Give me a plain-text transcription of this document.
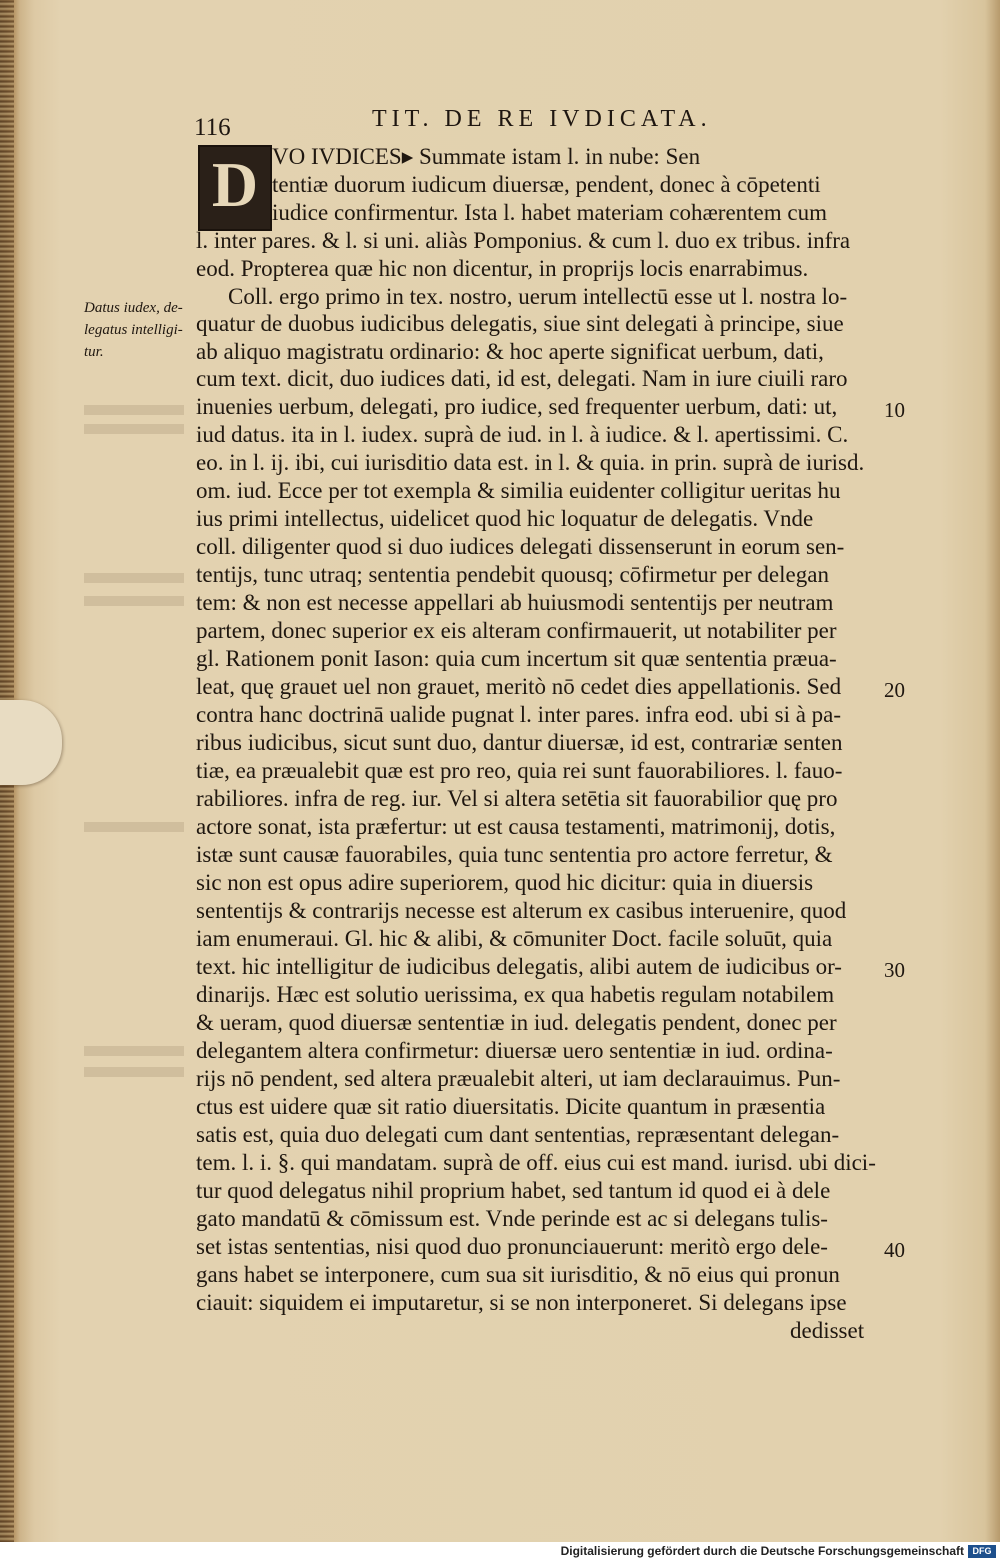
116	TIT. DE RE IVDICATA.
D VO IVDICES▸ Summate istam l. in nube: Sen
tentiæ duorum iudicum diuersæ, pendent, donec à cōpetenti
iudice confirmentur. Ista l. habet materiam cohærentem cum
l. inter pares. & l. si uni. aliàs Pomponius. & cum l. duo ex tribus. infra
eod. Propterea quæ hic non dicentur, in proprijs locis enarrabimus.
Coll. ergo primo in tex. nostro, uerum intellectū esse ut l. nostra lo-
quatur de duobus iudicibus delegatis, siue sint delegati à principe, siue
ab aliquo magistratu ordinario: & hoc aperte significat uerbum, dati,
cum text. dicit, duo iudices dati, id est, delegati. Nam in iure ciuili raro
inuenies uerbum, delegati, pro iudice, sed frequenter uerbum, dati: ut,
iud datus. ita in l. iudex. suprà de iud. in l. à iudice. & l. apertissimi. C.
eo. in l. ij. ibi, cui iurisditio data est. in l. & quia. in prin. suprà de iurisd.
om. iud. Ecce per tot exempla & similia euidenter colligitur ueritas hu
ius primi intellectus, uidelicet quod hic loquatur de delegatis. Vnde
coll. diligenter quod si duo iudices delegati dissenserunt in eorum sen-
tentijs, tunc utraq; sententia pendebit quousq; cōfirmetur per delegan
tem: & non est necesse appellari ab huiusmodi sententijs per neutram
partem, donec superior ex eis alteram confirmauerit, ut notabiliter per
gl. Rationem ponit Iason: quia cum incertum sit quæ sententia præua-
leat, quę grauet uel non grauet, meritò nō cedet dies appellationis. Sed
contra hanc doctrinā ualide pugnat l. inter pares. infra eod. ubi si à pa-
ribus iudicibus, sicut sunt duo, dantur diuersæ, id est, contrariæ senten
tiæ, ea præualebit quæ est pro reo, quia rei sunt fauorabiliores. l. fauo-
rabiliores. infra de reg. iur. Vel si altera setētia sit fauorabilior quę pro
actore sonat, ista præfertur: ut est causa testamenti, matrimonij, dotis,
istæ sunt causæ fauorabiles, quia tunc sententia pro actore ferretur, &
sic non est opus adire superiorem, quod hic dicitur: quia in diuersis
sententijs & contrarijs necesse est alterum ex casibus interuenire, quod
iam enumeraui. Gl. hic & alibi, & cōmuniter Doct. facile soluūt, quia
text. hic intelligitur de iudicibus delegatis, alibi autem de iudicibus or-
dinarijs. Hæc est solutio uerissima, ex qua habetis regulam notabilem
& ueram, quod diuersæ sententiæ in iud. delegatis pendent, donec per
delegantem altera confirmetur: diuersæ uero sententiæ in iud. ordina-
rijs nō pendent, sed altera præualebit alteri, ut iam declarauimus. Pun-
ctus est uidere quæ sit ratio diuersitatis. Dicite quantum in præsentia
satis est, quia duo delegati cum dant sententias, repræsentant delegan-
tem. l. i. §. qui mandatam. suprà de off. eius cui est mand. iurisd. ubi dici-
tur quod delegatus nihil proprium habet, sed tantum id quod ei à dele
gato mandatū & cōmissum est. Vnde perinde est ac si delegans tulis-
set istas sententias, nisi quod duo pronunciauerunt: meritò ergo dele-
gans habet se interponere, cum sua sit iurisditio, & nō eius qui pronun
ciauit: siquidem ei imputaretur, si se non interponeret. Si delegans ipse
dedisset
Datus iudex, de-
legatus intelligi-
tur.
10
20
30
40
Digitalisierung gefördert durch die Deutsche Forschungsgemeinschaft DFG
